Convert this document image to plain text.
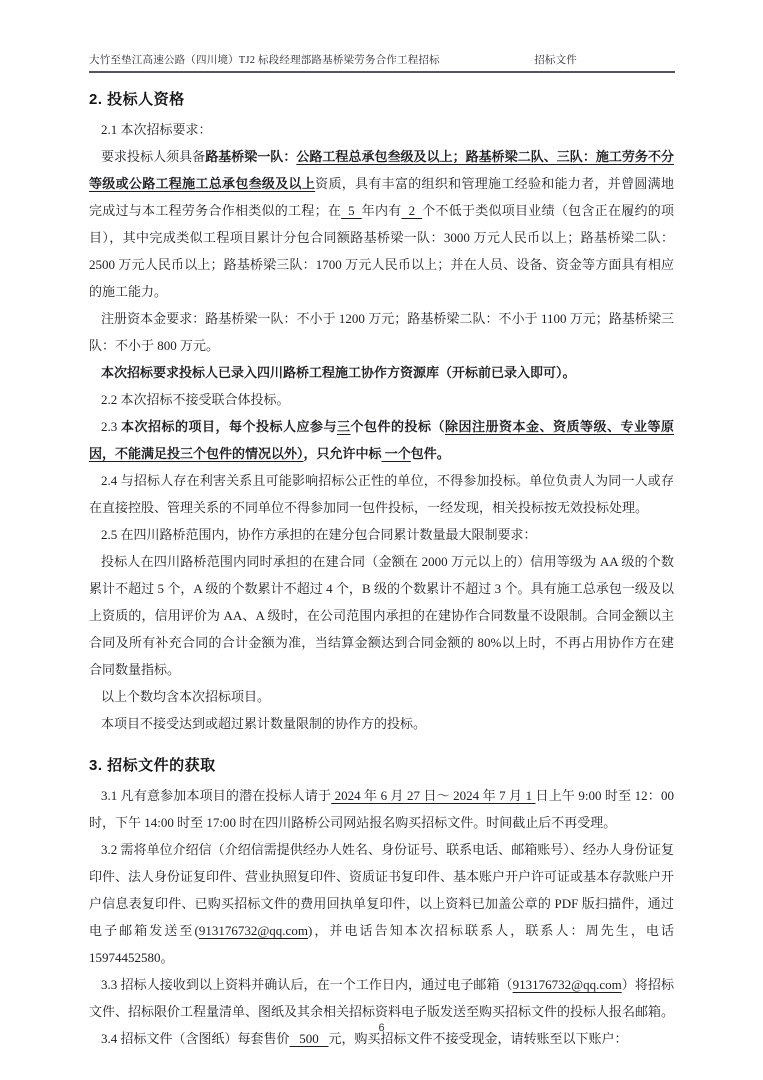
大竹至垫江高速公路（四川境）TJ2 标段经理部路基桥梁劳务合作工程招标	招标文件
2. 投标人资格

2.1 本次招标要求：

要求投标人须具备路基桥梁一队：公路工程总承包叁级及以上；路基桥梁二队、三队：施工劳务不分等级或公路工程施工总承包叁级及以上资质，具有丰富的组织和管理施工经验和能力者，并曾圆满地完成过与本工程劳务合作相类似的工程；在  5  年内有  2  个不低于类似项目业绩（包含正在履约的项目），其中完成类似工程项目累计分包合同额路基桥梁一队：3000 万元人民币以上；路基桥梁二队：2500 万元人民币以上；路基桥梁三队：1700 万元人民币以上；并在人员、设备、资金等方面具有相应的施工能力。

注册资本金要求：路基桥梁一队：不小于 1200 万元；路基桥梁二队：不小于 1100 万元；路基桥梁三队：不小于 800 万元。

本次招标要求投标人已录入四川路桥工程施工协作方资源库（开标前已录入即可）。

2.2 本次招标不接受联合体投标。

2.3 本次招标的项目，每个投标人应参与三个包件的投标（除因注册资本金、资质等级、专业等原因，不能满足投三个包件的情况以外），只允许中标 一个包件。

2.4 与招标人存在利害关系且可能影响招标公正性的单位，不得参加投标。单位负责人为同一人或存在直接控股、管理关系的不同单位不得参加同一包件投标，一经发现，相关投标按无效投标处理。

2.5 在四川路桥范围内，协作方承担的在建分包合同累计数量最大限制要求：

投标人在四川路桥范围内同时承担的在建合同（金额在 2000 万元以上的）信用等级为 AA 级的个数累计不超过 5 个，A 级的个数累计不超过 4 个，B 级的个数累计不超过 3 个。具有施工总承包一级及以上资质的，信用评价为 AA、A 级时，在公司范围内承担的在建协作合同数量不设限制。合同金额以主合同及所有补充合同的合计金额为准，当结算金额达到合同金额的 80%以上时，不再占用协作方在建合同数量指标。

以上个数均含本次招标项目。

本项目不接受达到或超过累计数量限制的协作方的投标。

3. 招标文件的获取

3.1 凡有意参加本项目的潜在投标人请于 2024 年 6 月 27 日～ 2024 年 7 月 1 日上午 9:00 时至 12：00 时，下午 14:00 时至 17:00 时在四川路桥公司网站报名购买招标文件。时间截止后不再受理。

3.2 需将单位介绍信（介绍信需提供经办人姓名、身份证号、联系电话、邮箱账号）、经办人身份证复印件、法人身份证复印件、营业执照复印件、资质证书复印件、基本账户开户许可证或基本存款账户开户信息表复印件、已购买招标文件的费用回执单复印件，以上资料已加盖公章的 PDF 版扫描件，通过电子邮箱发送至(913176732@qq.com)，并电话告知本次招标联系人，联系人：周先生，电话 15974452580。

3.3 招标人接收到以上资料并确认后，在一个工作日内，通过电子邮箱（913176732@qq.com）将招标文件、招标限价工程量清单、图纸及其余相关招标资料电子版发送至购买招标文件的投标人报名邮箱。

3.4 招标文件（含图纸）每套售价   500   元，购买招标文件不接受现金，请转账至以下账户：

6
